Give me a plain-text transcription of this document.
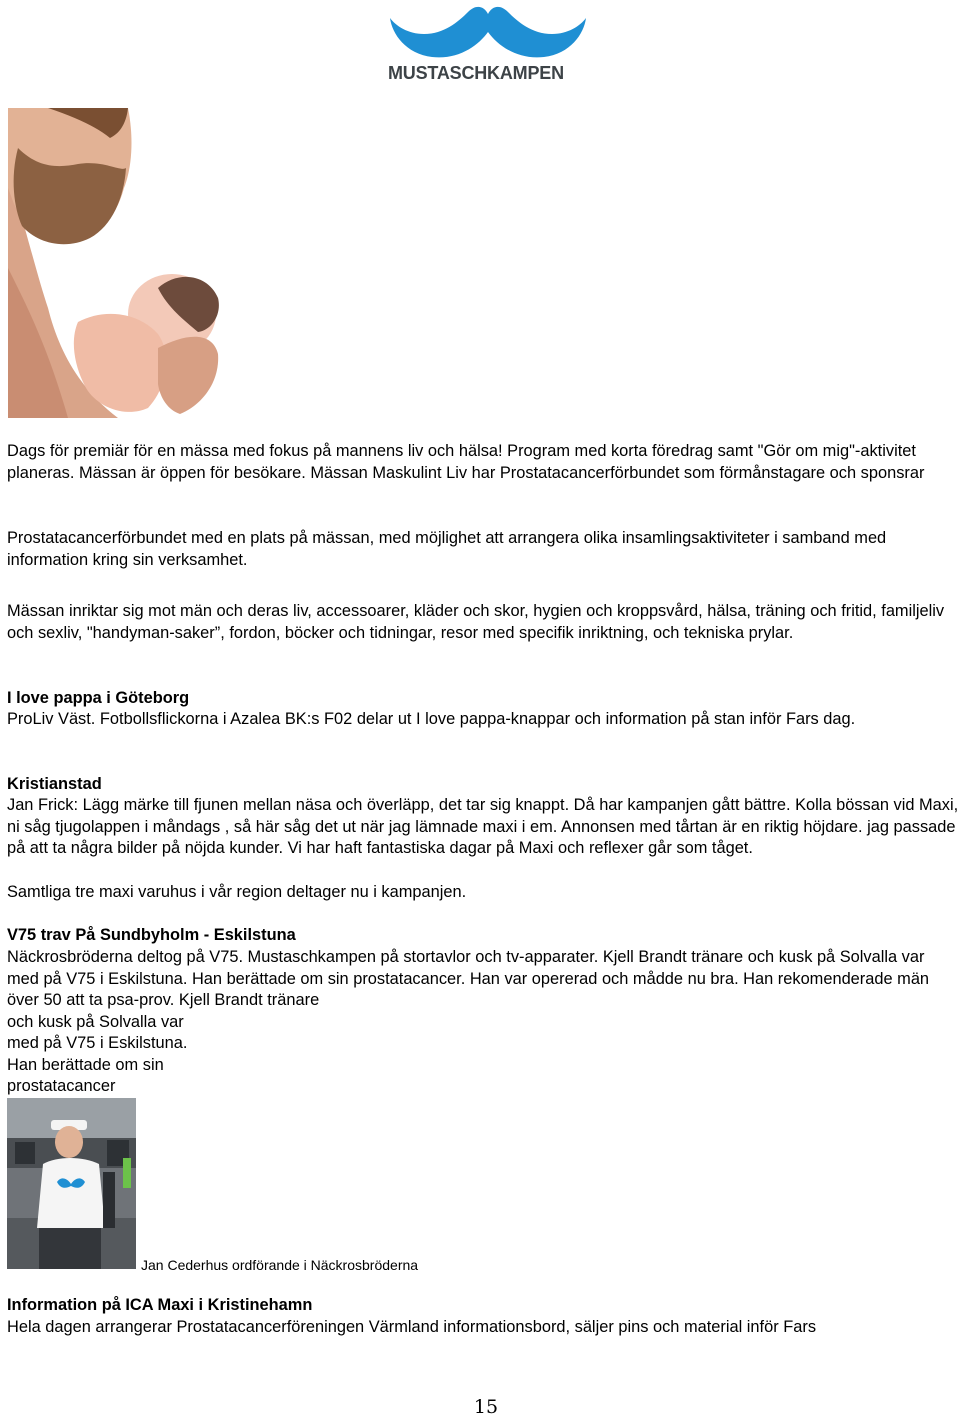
MUSTASCHKAMPEN
Dags för premiär för en mässa med fokus på mannens liv och hälsa! Program med korta föredrag samt "Gör om mig"-aktivitet planeras. Mässan är öppen för besökare. Mässan Maskulint Liv har Prostatacancerförbundet som förmånstagare och sponsrar
Prostatacancerförbundet med en plats på mässan, med möjlighet att arrangera olika insamlingsaktiviteter i samband med information kring sin verksamhet.
Mässan inriktar sig mot män och deras liv, accessoarer, kläder och skor, hygien och kroppsvård, hälsa, träning och fritid, familjeliv och sexliv, "handyman-saker”, fordon, böcker och tidningar, resor med specifik inriktning, och tekniska prylar.
I love pappa i Göteborg
ProLiv Väst. Fotbollsflickorna i Azalea BK:s F02 delar ut I love pappa-knappar och information på stan inför Fars dag.
Kristianstad
Jan Frick: Lägg märke till fjunen mellan näsa och överläpp, det tar sig knappt. Då har kampanjen gått bättre. Kolla bössan vid Maxi, ni såg tjugolappen i måndags , så här såg det ut när jag lämnade maxi i em. Annonsen med tårtan är en riktig höjdare. jag passade på att ta några bilder på nöjda kunder. Vi har haft fantastiska dagar på Maxi och reflexer går som tåget.
Samtliga tre maxi varuhus i vår region deltager nu i kampanjen.
V75 trav På Sundbyholm - Eskilstuna
Näckrosbröderna deltog på V75. Mustaschkampen på stortavlor och tv-apparater. Kjell Brandt tränare och kusk på Solvalla var med på V75 i Eskilstuna. Han berättade om sin prostatacancer. Han var opererad och mådde nu bra. Han rekomenderade män över 50 att ta psa-prov. Kjell Brandt tränare
och kusk på Solvalla var
med på V75 i Eskilstuna.
Han berättade om sin
prostatacancer
Jan Cederhus ordförande i Näckrosbröderna
Information på ICA Maxi i Kristinehamn
Hela dagen arrangerar Prostatacancerföreningen Värmland informationsbord, säljer pins och material inför Fars
15
